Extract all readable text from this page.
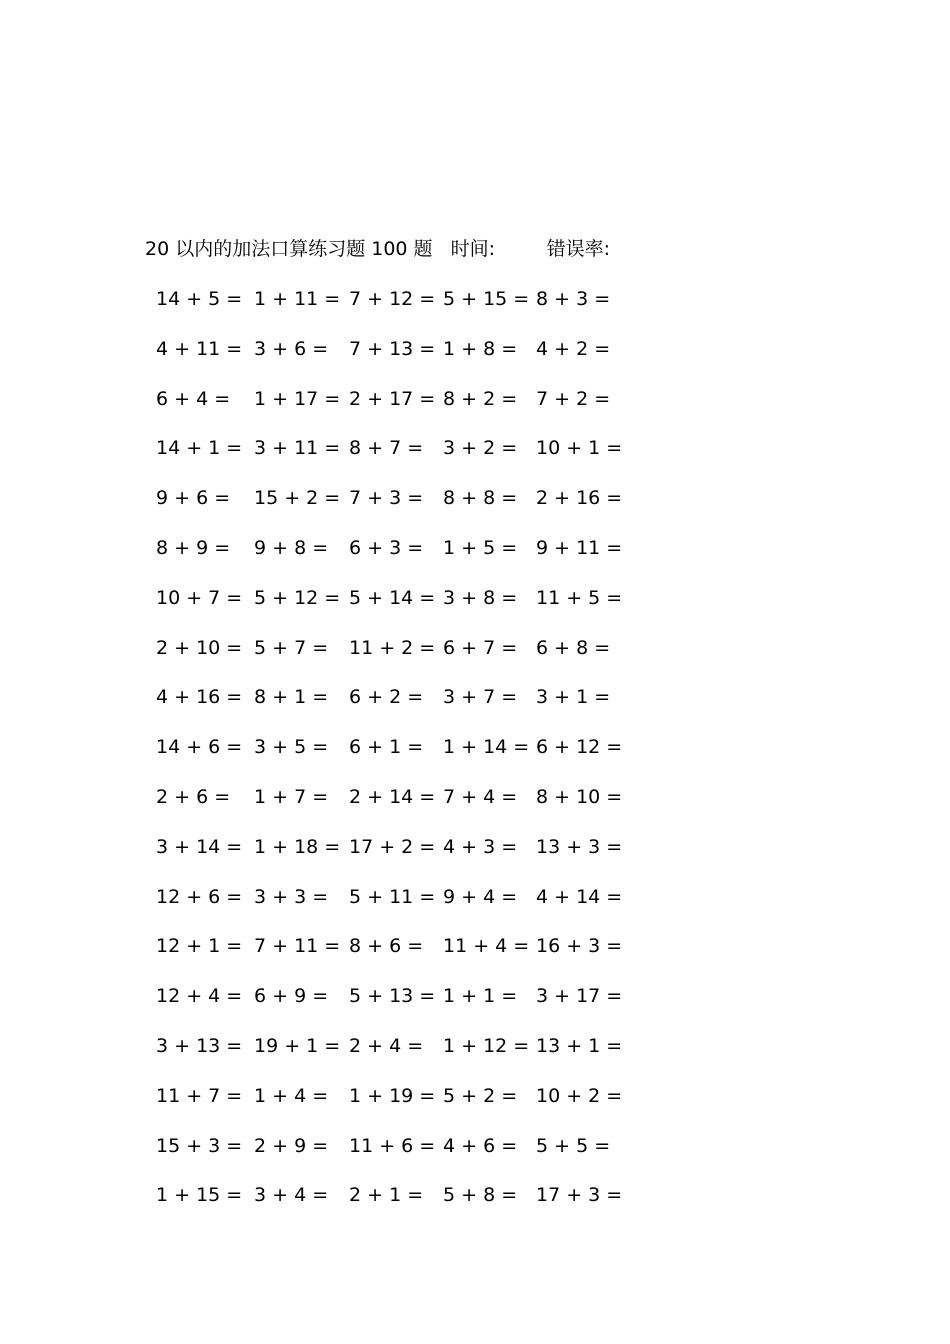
20 以内的加法口算练习题 100 题 时间:	错误率:
14 + 5 = 1 + 11 = 7 + 12 = 5 + 15 = 8 + 3 =
4 + 11 = 3 + 6 = 7 + 13 = 1 + 8 = 4 + 2 =
6 + 4 = 1 + 17 = 2 + 17 = 8 + 2 = 7 + 2 =
14 + 1 = 3 + 11 = 8 + 7 = 3 + 2 = 10 + 1 =
9 + 6 = 15 + 2 = 7 + 3 = 8 + 8 = 2 + 16 =
8 + 9 = 9 + 8 = 6 + 3 = 1 + 5 = 9 + 11 =
10 + 7 = 5 + 12 = 5 + 14 = 3 + 8 = 11 + 5 =
2 + 10 = 5 + 7 = 11 + 2 = 6 + 7 = 6 + 8 =
4 + 16 = 8 + 1 = 6 + 2 = 3 + 7 = 3 + 1 =
14 + 6 = 3 + 5 = 6 + 1 = 1 + 14 = 6 + 12 =
2 + 6 = 1 + 7 = 2 + 14 = 7 + 4 = 8 + 10 =
3 + 14 = 1 + 18 = 17 + 2 = 4 + 3 = 13 + 3 =
12 + 6 = 3 + 3 = 5 + 11 = 9 + 4 = 4 + 14 =
12 + 1 = 7 + 11 = 8 + 6 = 11 + 4 = 16 + 3 =
12 + 4 = 6 + 9 = 5 + 13 = 1 + 1 = 3 + 17 =
3 + 13 = 19 + 1 = 2 + 4 = 1 + 12 = 13 + 1 =
11 + 7 = 1 + 4 = 1 + 19 = 5 + 2 = 10 + 2 =
15 + 3 = 2 + 9 = 11 + 6 = 4 + 6 = 5 + 5 =
1 + 15 = 3 + 4 = 2 + 1 = 5 + 8 = 17 + 3 =
